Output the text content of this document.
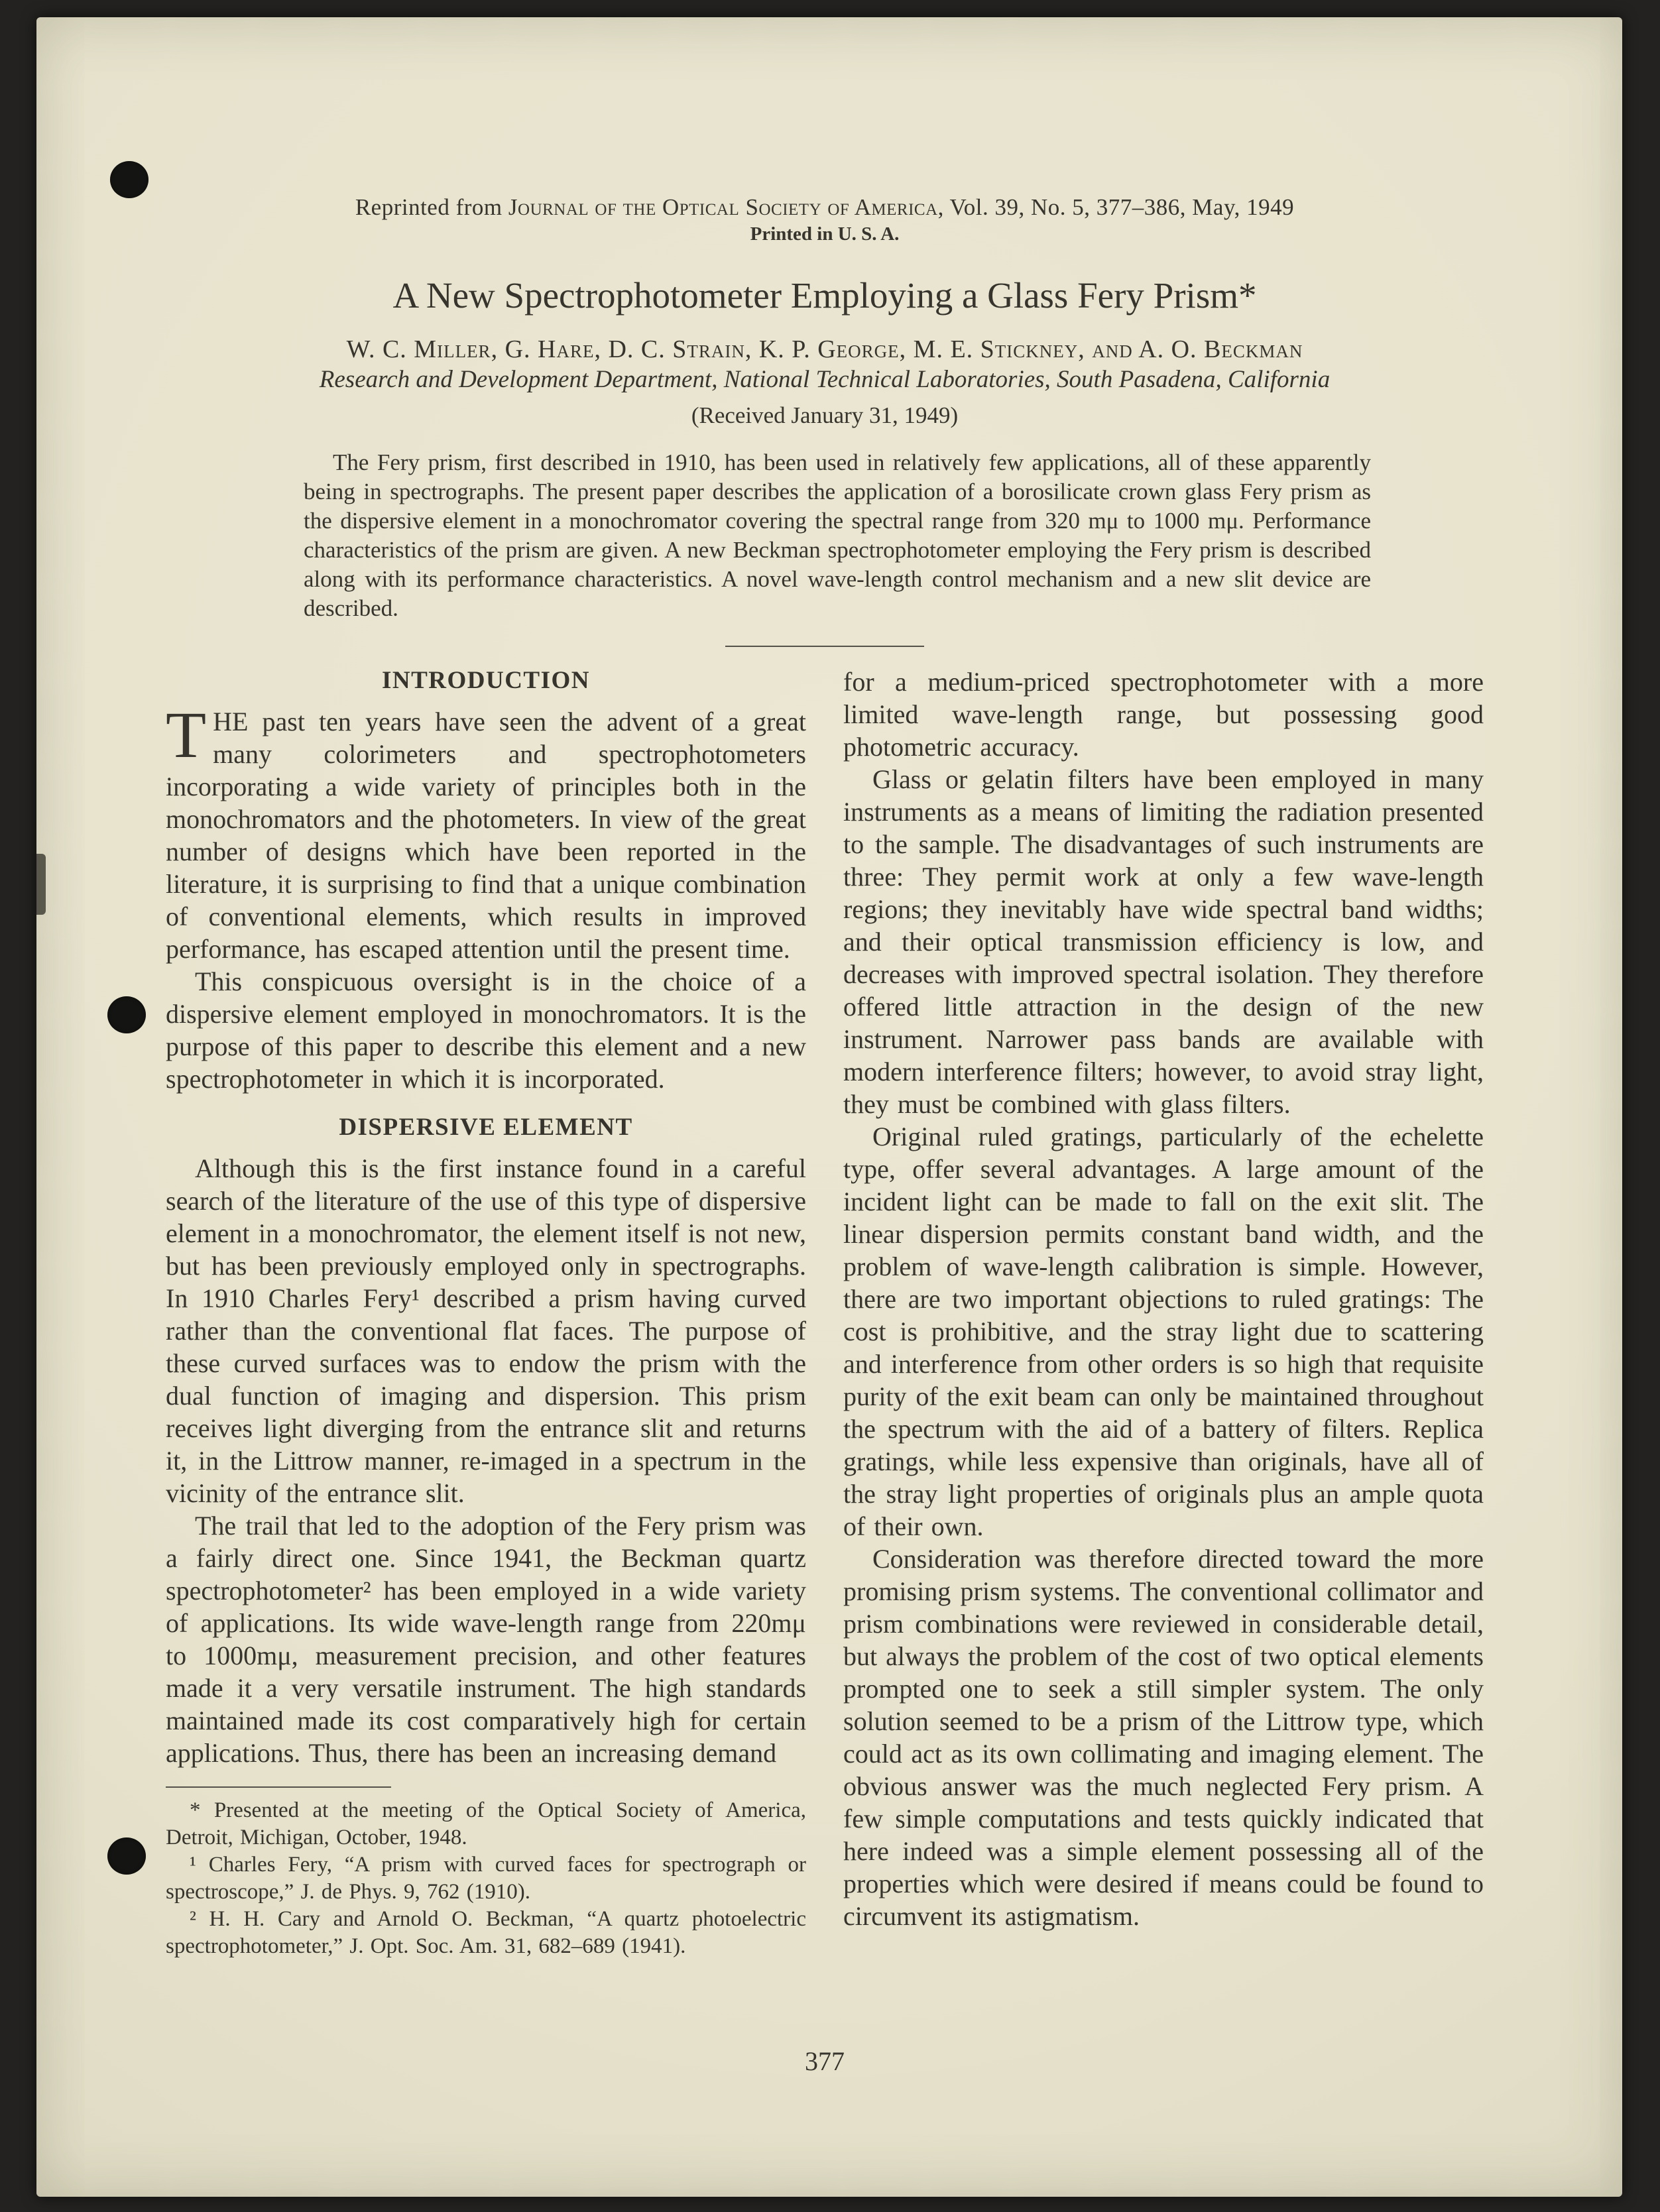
Reprinted from Journal of the Optical Society of America, Vol. 39, No. 5, 377–386, May, 1949
Printed in U. S. A.
A New Spectrophotometer Employing a Glass Fery Prism*
W. C. Miller, G. Hare, D. C. Strain, K. P. George, M. E. Stickney, and A. O. Beckman
Research and Development Department, National Technical Laboratories, South Pasadena, California
(Received January 31, 1949)

The Fery prism, first described in 1910, has been used in relatively few applications, all of these apparently being in spectrographs. The present paper describes the application of a borosilicate crown glass Fery prism as the dispersive element in a monochromator covering the spectral range from 320 mμ to 1000 mμ. Performance characteristics of the prism are given. A new Beckman spectrophotometer employing the Fery prism is described along with its performance characteristics. A novel wave-length control mechanism and a new slit device are described.

INTRODUCTION

THE past ten years have seen the advent of a great many colorimeters and spectrophotometers incorporating a wide variety of principles both in the monochromators and the photometers. In view of the great number of designs which have been reported in the literature, it is surprising to find that a unique combination of conventional elements, which results in improved performance, has escaped attention until the present time.

This conspicuous oversight is in the choice of a dispersive element employed in monochromators. It is the purpose of this paper to describe this element and a new spectrophotometer in which it is incorporated.

DISPERSIVE ELEMENT

Although this is the first instance found in a careful search of the literature of the use of this type of dispersive element in a monochromator, the element itself is not new, but has been previously employed only in spectrographs. In 1910 Charles Fery¹ described a prism having curved rather than the conventional flat faces. The purpose of these curved surfaces was to endow the prism with the dual function of imaging and dispersion. This prism receives light diverging from the entrance slit and returns it, in the Littrow manner, re-imaged in a spectrum in the vicinity of the entrance slit.

The trail that led to the adoption of the Fery prism was a fairly direct one. Since 1941, the Beckman quartz spectrophotometer² has been employed in a wide variety of applications. Its wide wave-length range from 220mμ to 1000mμ, measurement precision, and other features made it a very versatile instrument. The high standards maintained made its cost comparatively high for certain applications. Thus, there has been an increasing demand

* Presented at the meeting of the Optical Society of America, Detroit, Michigan, October, 1948.

¹ Charles Fery, “A prism with curved faces for spectrograph or spectroscope,” J. de Phys. 9, 762 (1910).

² H. H. Cary and Arnold O. Beckman, “A quartz photoelectric spectrophotometer,” J. Opt. Soc. Am. 31, 682–689 (1941).

for a medium-priced spectrophotometer with a more limited wave-length range, but possessing good photometric accuracy.

Glass or gelatin filters have been employed in many instruments as a means of limiting the radiation presented to the sample. The disadvantages of such instruments are three: They permit work at only a few wave-length regions; they inevitably have wide spectral band widths; and their optical transmission efficiency is low, and decreases with improved spectral isolation. They therefore offered little attraction in the design of the new instrument. Narrower pass bands are available with modern interference filters; however, to avoid stray light, they must be combined with glass filters.

Original ruled gratings, particularly of the echelette type, offer several advantages. A large amount of the incident light can be made to fall on the exit slit. The linear dispersion permits constant band width, and the problem of wave-length calibration is simple. However, there are two important objections to ruled gratings: The cost is prohibitive, and the stray light due to scattering and interference from other orders is so high that requisite purity of the exit beam can only be maintained throughout the spectrum with the aid of a battery of filters. Replica gratings, while less expensive than originals, have all of the stray light properties of originals plus an ample quota of their own.

Consideration was therefore directed toward the more promising prism systems. The conventional collimator and prism combinations were reviewed in considerable detail, but always the problem of the cost of two optical elements prompted one to seek a still simpler system. The only solution seemed to be a prism of the Littrow type, which could act as its own collimating and imaging element. The obvious answer was the much neglected Fery prism. A few simple computations and tests quickly indicated that here indeed was a simple element possessing all of the properties which were desired if means could be found to circumvent its astigmatism.

377
